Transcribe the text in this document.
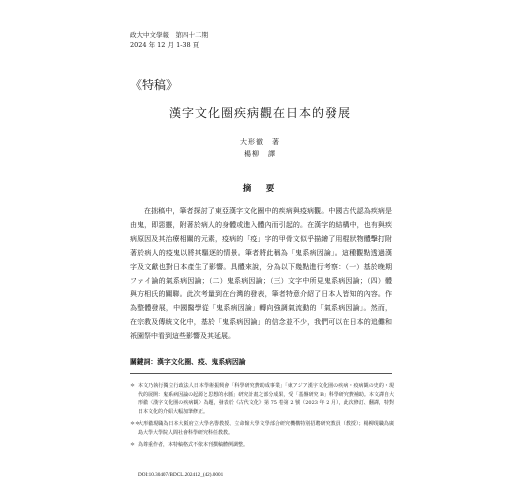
政大中文學報　第四十二期
2024 年 12 月 1-38 頁
《特稿》
漢字文化圈疾病觀在日本的發展
大形徹　著
楊柳　譯
摘　要
在拙稿中，筆者探討了東亞漢字文化圈中的疾病與疫病觀。中國古代認為疾病是由鬼，即惡靈，附著於病人的身體或進入體內而引起的。在漢字的結構中，也有與疾病原因及其治療相關的元素，疫病的「疫」字的甲骨文似乎描繪了用棍狀物體擊打附著於病人的疫鬼以將其驅逐的情景。筆者將此稱為「鬼系病因論」。這種觀點透過漢字及文獻也對日本產生了影響。具體來說，分為以下幾點進行考察：（一）基於晚期ファイ論的氣系病因論；（二）鬼系病因論；（三）文字中所見鬼系病因論；（四）體與方相氏的關聯。此次考量到在台灣的發表，筆者特意介紹了日本人皆知的內容。作為整體發展，中國醫學從「鬼系病因論」轉向強調氣流動的「氣系病因論」。然而，在宗教及傳統文化中，基於「鬼系病因論」的信念並不少，我們可以在日本的追儺和祇園祭中看到這些影響及其延展。
關鍵詞：漢字文化圈、疫、鬼系病因論
＊ 本文乃執行獨立行政法人日本學術振興會「科學研究費助成事業」「東アジア漢字文化圏の疾病・疫病観の史的・現代的展開：鬼系病因論の起源と思想的水脈」研究計畫之部分成果，受「基盤研究 B」科學研究費補助。本文譯自大形徹〈漢字文化圏の疾病観〉為題，發表於《古代文化》第 75 卷第 2 號（2023 年 2 月），此次修訂、翻譯，特對日本文化的介紹大幅加筆修正。
＊＊
大形徹現職為日本大阪府立大學名譽教授、立命館大學文學部合研究機構特別招聘研究教員（教授）；楊柳現職為廣島大學大學院人間社會科學研究科任教教。
＊ 為尊重作者，本特稿格式不依本刊撰稿體例調整。
DOI:10.30407/BDCL.202412_(42).0001
